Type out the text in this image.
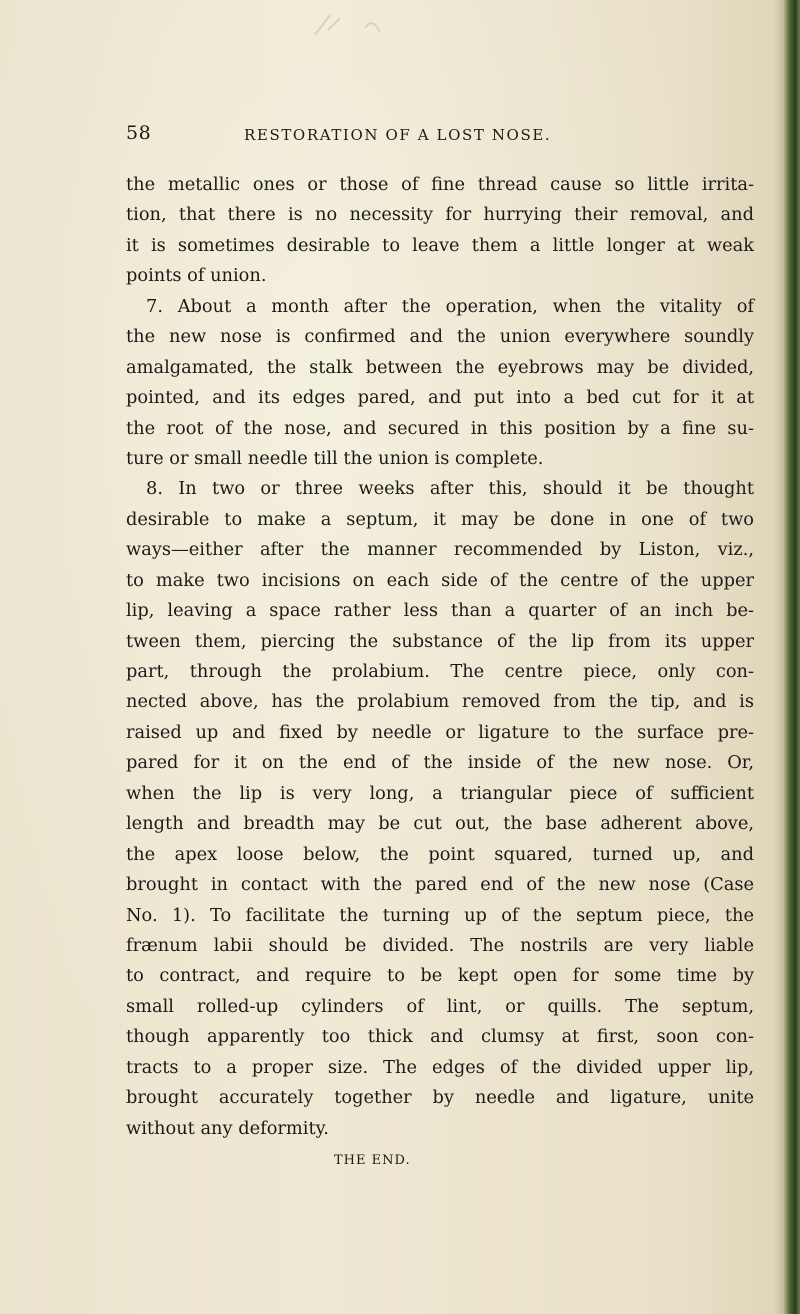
58	RESTORATION OF A LOST NOSE.
the metallic ones or those of fine thread cause so little irrita-
tion, that there is no necessity for hurrying their removal, and
it is sometimes desirable to leave them a little longer at weak
points of union.
7. About a month after the operation, when the vitality of
the new nose is confirmed and the union everywhere soundly
amalgamated, the stalk between the eyebrows may be divided,
pointed, and its edges pared, and put into a bed cut for it at
the root of the nose, and secured in this position by a fine su-
ture or small needle till the union is complete.
8. In two or three weeks after this, should it be thought
desirable to make a septum, it may be done in one of two
ways—either after the manner recommended by Liston, viz.,
to make two incisions on each side of the centre of the upper
lip, leaving a space rather less than a quarter of an inch be-
tween them, piercing the substance of the lip from its upper
part, through the prolabium. The centre piece, only con-
nected above, has the prolabium removed from the tip, and is
raised up and fixed by needle or ligature to the surface pre-
pared for it on the end of the inside of the new nose. Or,
when the lip is very long, a triangular piece of sufficient
length and breadth may be cut out, the base adherent above,
the apex loose below, the point squared, turned up, and
brought in contact with the pared end of the new nose (Case
No. 1). To facilitate the turning up of the septum piece, the
frænum labii should be divided. The nostrils are very liable
to contract, and require to be kept open for some time by
small rolled-up cylinders of lint, or quills. The septum,
though apparently too thick and clumsy at first, soon con-
tracts to a proper size. The edges of the divided upper lip,
brought accurately together by needle and ligature, unite
without any deformity.
THE END.
